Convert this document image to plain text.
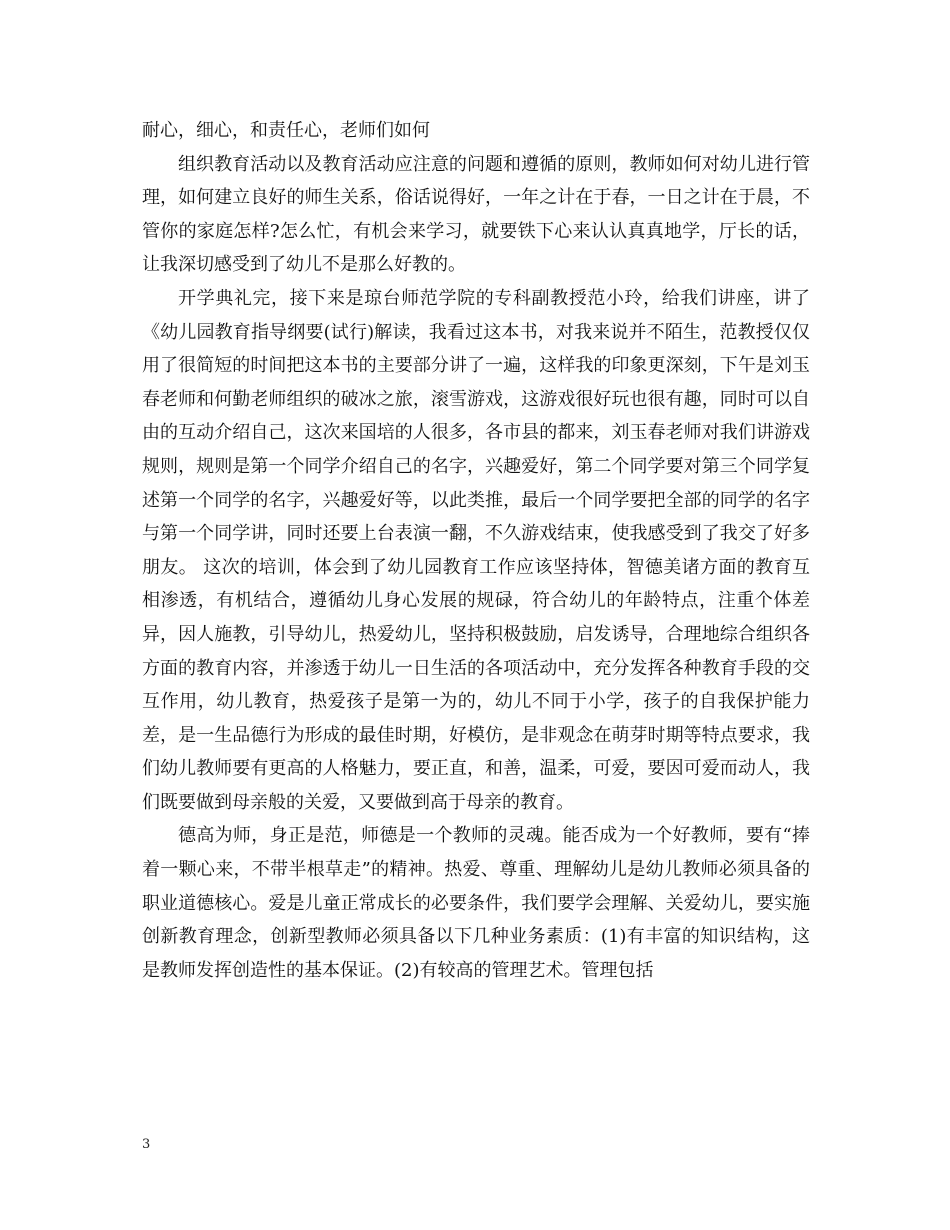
耐心，细心，和责任心，老师们如何

组织教育活动以及教育活动应注意的问题和遵循的原则，教师如何对幼儿进行管理，如何建立良好的师生关系，俗话说得好，一年之计在于春，一日之计在于晨，不管你的家庭怎样?怎么忙，有机会来学习，就要铁下心来认认真真地学，厅长的话，让我深切感受到了幼儿不是那么好教的。

开学典礼完，接下来是琼台师范学院的专科副教授范小玲，给我们讲座，讲了《幼儿园教育指导纲要(试行)解读，我看过这本书，对我来说并不陌生，范教授仅仅用了很简短的时间把这本书的主要部分讲了一遍，这样我的印象更深刻，下午是刘玉春老师和何勤老师组织的破冰之旅，滚雪游戏，这游戏很好玩也很有趣，同时可以自由的互动介绍自己，这次来国培的人很多，各市县的都来，刘玉春老师对我们讲游戏规则，规则是第一个同学介绍自己的名字，兴趣爱好，第二个同学要对第三个同学复述第一个同学的名字，兴趣爱好等，以此类推，最后一个同学要把全部的同学的名字与第一个同学讲，同时还要上台表演一翻，不久游戏结束，使我感受到了我交了好多朋友。 这次的培训，体会到了幼儿园教育工作应该坚持体，智德美诸方面的教育互相渗透，有机结合，遵循幼儿身心发展的规碌，符合幼儿的年龄特点，注重个体差异，因人施教，引导幼儿，热爱幼儿，坚持积极鼓励，启发诱导，合理地综合组织各方面的教育内容，并渗透于幼儿一日生活的各项活动中，充分发挥各种教育手段的交互作用，幼儿教育，热爱孩子是第一为的，幼儿不同于小学，孩子的自我保护能力差，是一生品德行为形成的最佳时期，好模仿，是非观念在萌芽时期等特点要求，我们幼儿教师要有更高的人格魅力，要正直，和善，温柔，可爱，要因可爱而动人，我们既要做到母亲般的关爱，又要做到高于母亲的教育。

德高为师，身正是范，师德是一个教师的灵魂。能否成为一个好教师，要有“捧着一颗心来，不带半根草走”的精神。热爱、尊重、理解幼儿是幼儿教师必须具备的职业道德核心。爱是儿童正常成长的必要条件，我们要学会理解、关爱幼儿，要实施创新教育理念，创新型教师必须具备以下几种业务素质：(1)有丰富的知识结构，这是教师发挥创造性的基本保证。(2)有较高的管理艺术。管理包括

3
